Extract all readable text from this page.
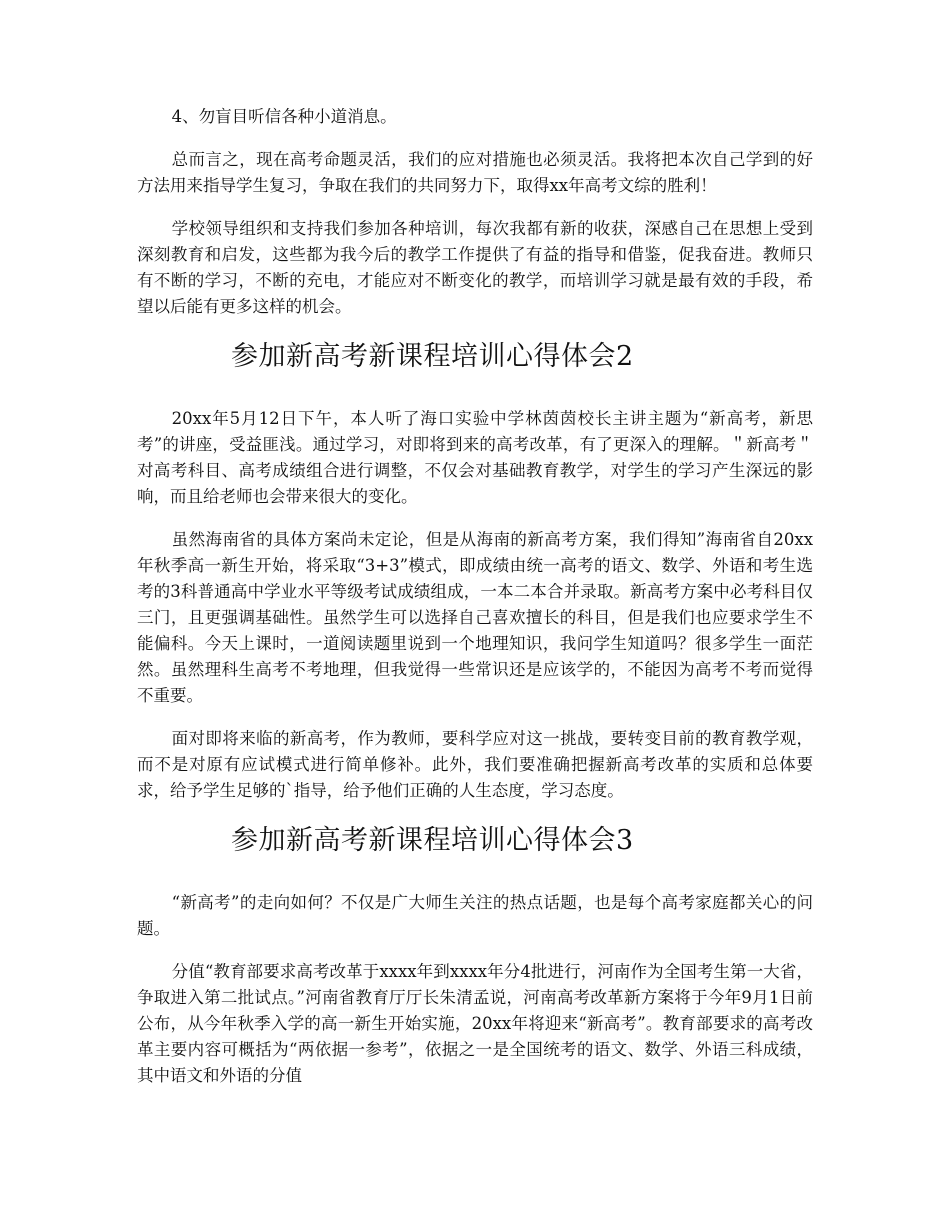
4、勿盲目听信各种小道消息。

总而言之，现在高考命题灵活，我们的应对措施也必须灵活。我将把本次自己学到的好方法用来指导学生复习，争取在我们的共同努力下，取得xx年高考文综的胜利！

学校领导组织和支持我们参加各种培训，每次我都有新的收获，深感自己在思想上受到深刻教育和启发，这些都为我今后的教学工作提供了有益的指导和借鉴，促我奋进。教师只有不断的学习，不断的充电，才能应对不断变化的教学，而培训学习就是最有效的手段，希望以后能有更多这样的机会。

参加新高考新课程培训心得体会2

20xx年5月12日下午，本人听了海口实验中学林茵茵校长主讲主题为“新高考，新思考”的讲座，受益匪浅。通过学习，对即将到来的高考改革，有了更深入的理解。＂新高考＂对高考科目、高考成绩组合进行调整，不仅会对基础教育教学，对学生的学习产生深远的影响，而且给老师也会带来很大的变化。

虽然海南省的具体方案尚未定论，但是从海南的新高考方案，我们得知”海南省自20xx年秋季高一新生开始，将采取“3+3”模式，即成绩由统一高考的语文、数学、外语和考生选考的3科普通高中学业水平等级考试成绩组成，一本二本合并录取。新高考方案中必考科目仅三门，且更强调基础性。虽然学生可以选择自己喜欢擅长的科目，但是我们也应要求学生不能偏科。今天上课时，一道阅读题里说到一个地理知识，我问学生知道吗？很多学生一面茫然。虽然理科生高考不考地理，但我觉得一些常识还是应该学的，不能因为高考不考而觉得不重要。

面对即将来临的新高考，作为教师，要科学应对这一挑战，要转变目前的教育教学观，而不是对原有应试模式进行简单修补。此外，我们要准确把握新高考改革的实质和总体要求，给予学生足够的`指导，给予他们正确的人生态度，学习态度。

参加新高考新课程培训心得体会3

“新高考”的走向如何？不仅是广大师生关注的热点话题，也是每个高考家庭都关心的问题。

分值“教育部要求高考改革于xxxx年到xxxx年分4批进行，河南作为全国考生第一大省，争取进入第二批试点。”河南省教育厅厅长朱清孟说，河南高考改革新方案将于今年9月1日前公布，从今年秋季入学的高一新生开始实施，20xx年将迎来“新高考”。教育部要求的高考改革主要内容可概括为“两依据一参考”，依据之一是全国统考的语文、数学、外语三科成绩，其中语文和外语的分值
